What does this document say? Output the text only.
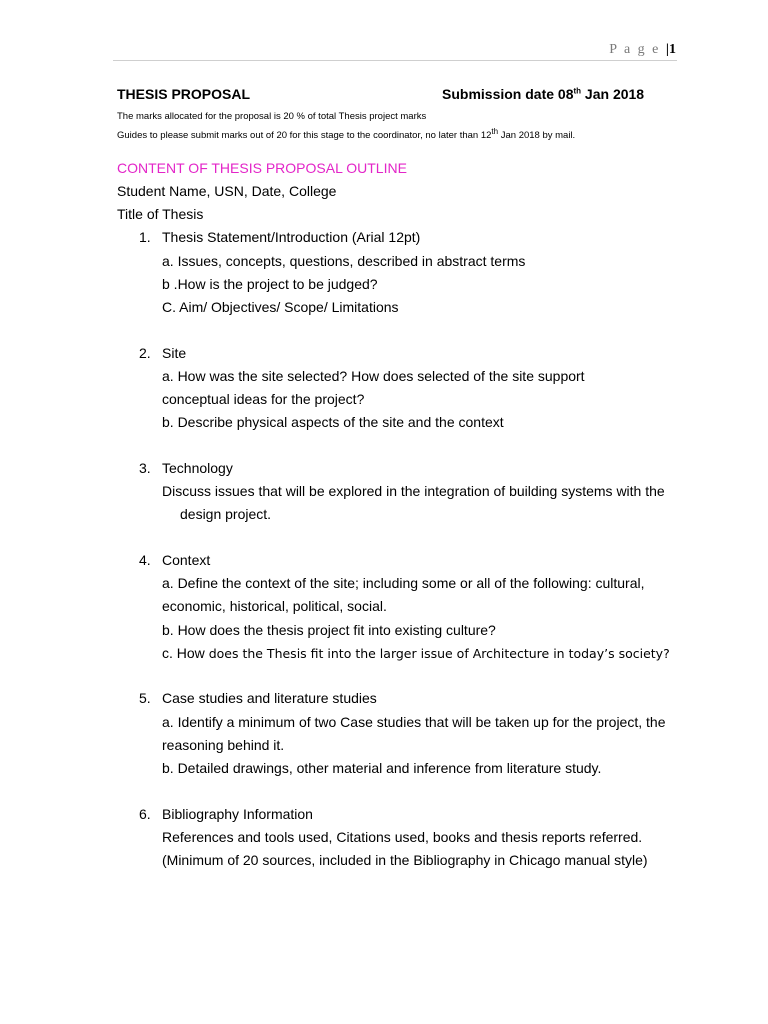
P a g e |1
THESIS PROPOSAL	Submission date 08th Jan 2018
The marks allocated for the proposal is 20 % of total Thesis project marks
Guides to please submit marks out of 20 for this stage to the coordinator, no later than 12th Jan 2018 by mail.
CONTENT OF THESIS PROPOSAL OUTLINE
Student Name, USN, Date, College
Title of Thesis
1. Thesis Statement/Introduction (Arial 12pt)
a. Issues, concepts, questions, described in abstract terms
b .How is the project to be judged?
C. Aim/ Objectives/ Scope/ Limitations
2. Site
a. How was the site selected? How does selected of the site support
conceptual ideas for the project?
b. Describe physical aspects of the site and the context
3. Technology
Discuss issues that will be explored in the integration of building systems with the
design project.
4. Context
a. Define the context of the site; including some or all of the following: cultural,
economic, historical, political, social.
b. How does the thesis project fit into existing culture?
c. How does the Thesis fit into the larger issue of Architecture in today’s society?
5. Case studies and literature studies
a. Identify a minimum of two Case studies that will be taken up for the project, the
reasoning behind it.
b. Detailed drawings, other material and inference from literature study.
6. Bibliography Information
References and tools used, Citations used, books and thesis reports referred.
(Minimum of 20 sources, included in the Bibliography in Chicago manual style)
